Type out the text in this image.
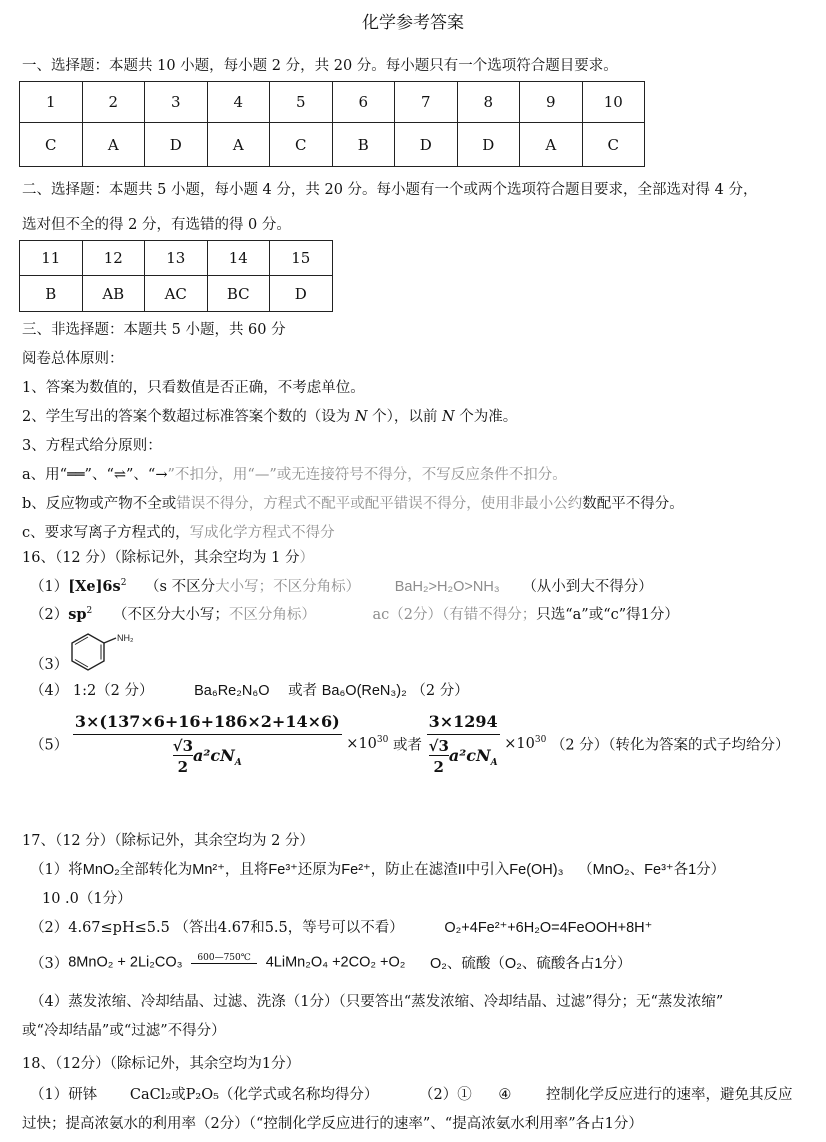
化学参考答案
一、选择题：本题共 10 小题，每小题 2 分，共 20 分。每小题只有一个选项符合题目要求。
1	2	3	4	5	6	7	8	9	10
C	A	D	A	C	B	D	D	A	C
二、选择题：本题共 5 小题，每小题 4 分，共 20 分。每小题有一个或两个选项符合题目要求，全部选对得 4 分，
选对但不全的得 2 分，有选错的得 0 分。
11	12	13	14	15
B	AB	AC	BC	D
三、非选择题：本题共 5 小题，共 60 分
阅卷总体原则：
1、答案为数值的，只看数值是否正确，不考虑单位。
2、学生写出的答案个数超过标准答案个数的（设为 N 个），以前 N 个为准。
3、方程式给分原则：
a、用“══”、“⇌”、“→”不扣分，用“—”或无连接符号不得分，不写反应条件不扣分。
b、反应物或产物不全或错误不得分，方程式不配平或配平错误不得分，使用非最小公约数配平不得分。
c、要求写离子方程式的，写成化学方程式不得分
16、（12 分）（除标记外，其余空均为 1 分）
$(1)[Xe]6s^2$ （s 不区分大小写；不区分角标） BaH₂>H₂O>NH₃ （从小到大不得分）
$(2)sp^2$ （不区分大小写；不区分角标）	ac（2分）（有错不得分；只选“a”或“c”得1分）
（3）
NH₂
（4） 1:2（2 分）	Ba₆Re₂N₆O 或者 Ba₆O(ReN₃)₂ （2 分）
$(5) \frac{3\times(137\times 6+16+186\times 2+14\times 6)}{\frac{√3}{2} a^2cN_A} \times 10^{30}$ 或者 $\frac{3\times 1294}{\frac{√3}{2} a^2cN_A} \times 10^{30}$ （2 分）（转化为答案的式子均给分）
17、（12 分）（除标记外，其余空均为 2 分）
（1）将MnO₂全部转化为Mn²⁺，且将Fe³⁺还原为Fe²⁺，防止在滤渣II中引入Fe(OH)₃ （MnO₂、Fe³⁺各1分）
10 .0（1分）
（2）4.67≤pH≤5.5 （答出4.67和5.5，等号可以不看）	O₂+4Fe²⁺+6H₂O=4FeOOH+8H⁺
（3）8MnO₂ + 2Li₂CO₃	600—750℃	4LiMn₂O₄ +2CO₂ +O₂ O₂、硫酸（O₂、硫酸各占1分）
（4）蒸发浓缩、冷却结晶、过滤、洗涤（1分）（只要答出“蒸发浓缩、冷却结晶、过滤”得分；无“蒸发浓缩”
或“冷却结晶”或“过滤”不得分）
18、（12分）（除标记外，其余空均为1分）
（1）研钵 CaCl₂或P₂O₅（化学式或名称均得分）	（2）① ④ 控制化学反应进行的速率，避免其反应
过快；提高浓氨水的利用率（2分）（“控制化学反应进行的速率”、“提高浓氨水利用率”各占1分）
